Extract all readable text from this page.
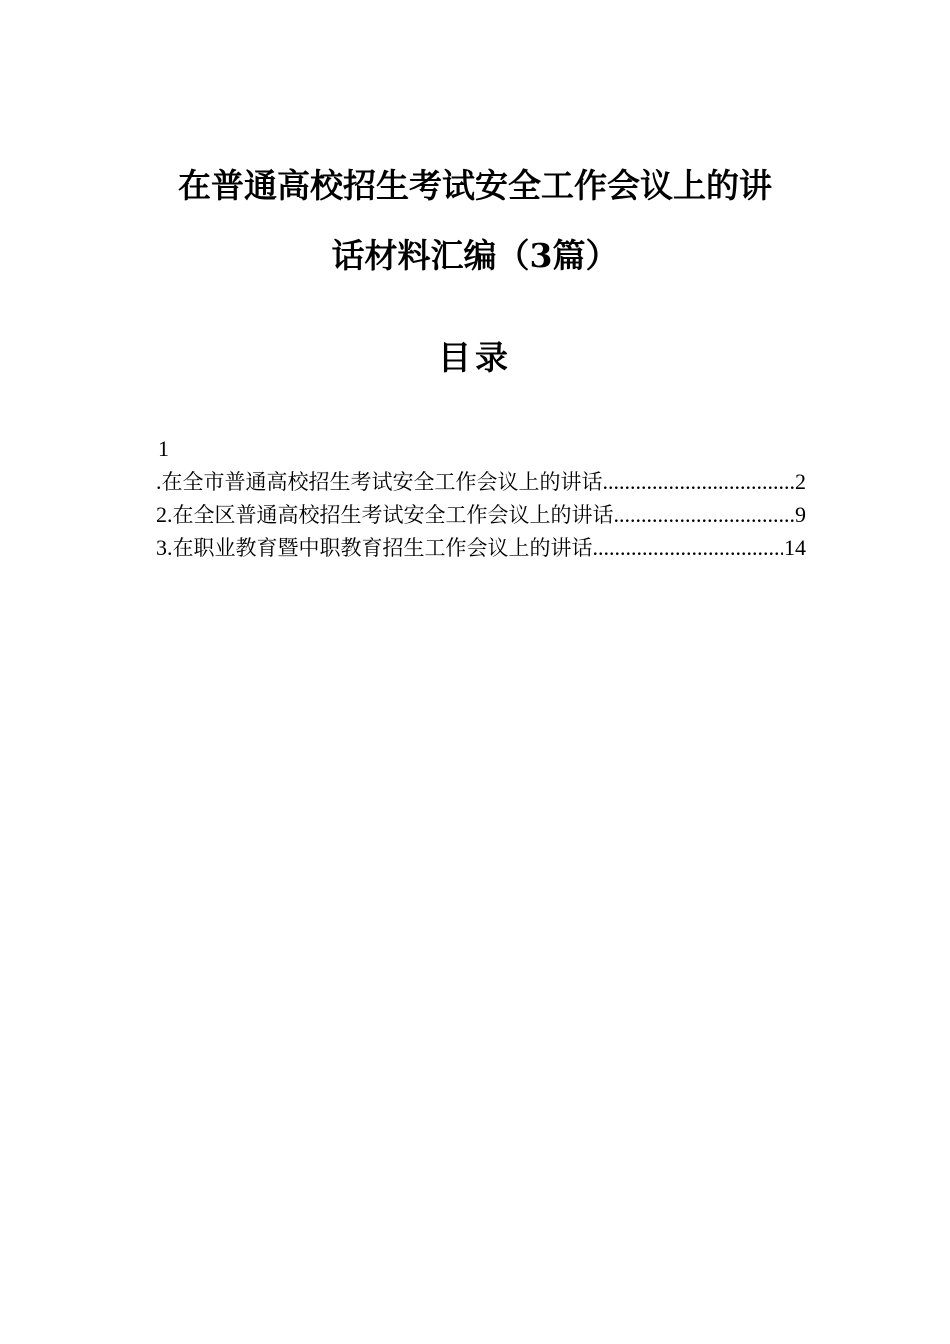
在普通高校招生考试安全工作会议上的讲
话材料汇编（3篇）
目录
1
. 在全市普通高校招生考试安全工作会议上的讲话 .....	2
2. 在全区普通高校招生考试安全工作会议上的讲话 .....	9
3. 在职业教育暨中职教育招生工作会议上的讲话 .....	14
